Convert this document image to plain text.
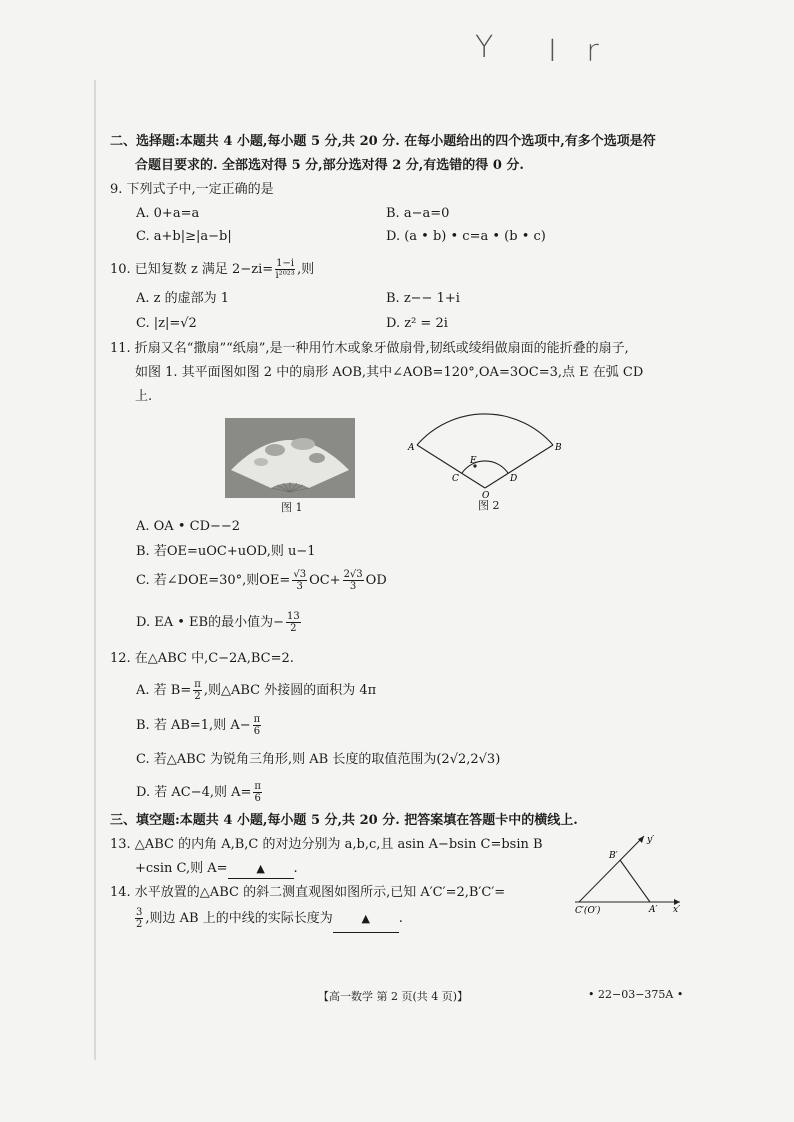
Y I r
二、选择题:本题共 4 小题,每小题 5 分,共 20 分. 在每小题给出的四个选项中,有多个选项是符
合题目要求的. 全部选对得 5 分,部分选对得 2 分,有选错的得 0 分.
9. 下列式子中,一定正确的是
A. 0+a=a	B. a−a=0
C. a+b|≥|a−b|	D. (a • b) • c=a • (b • c)
10. 已知复数 z 满足 $2-zi= \frac{1-i}{\text{i²⁰²³}}$ ,则
A. z 的虚部为 1	B. z−− 1+i
C. |z|=√2	D. z² = 2i
11. 折扇又名“撒扇”“纸扇”,是一种用竹木或象牙做扇骨,韧纸或绫绢做扇面的能折叠的扇子,
如图 1. 其平面图如图 2 中的扇形 AOB,其中∠AOB=120°,OA=3OC=3,点 E 在弧 CD
上.
图 1
A	B
C	D
E
O
图 2
A. OA • CD−−2
B. 若OE=uOC+uOD,则 u−1
C. 若∠DOE=30°,则$OE= \frac{√3}{3} OC+ \frac{2√3}{3}$ OD
D. EA • EB的最小值为− $\frac{13}{2}$
12. 在△ABC 中,C−2A,BC=2.
A. 若 $B= \frac{\pi}{2}$ ,则△ABC 外接圆的面积为 4π
B. 若 AB=1,则 $A- \frac{\pi}{6}$
C. 若△ABC 为锐角三角形,则 AB 长度的取值范围为(2√2,2√3)
D. 若 AC−4,则 $A= \frac{\pi}{6}$
三、填空题:本题共 4 小题,每小题 5 分,共 20 分. 把答案填在答题卡中的横线上.
13. △ABC 的内角 A,B,C 的对边分别为 a,b,c,且 asin A−bsin C=bsin B
+csin C,则 A=	▲ .
14. 水平放置的△ABC 的斜二测直观图如图所示,已知 A′C′=2,B′C′=
$\frac{3}{2}$ ,则边 AB 上的中线的实际长度为	▲ .
B′
y′
C′(O′)	A′ x′
【高一数学 第 2 页(共 4 页)】	• 22−03−375A •
